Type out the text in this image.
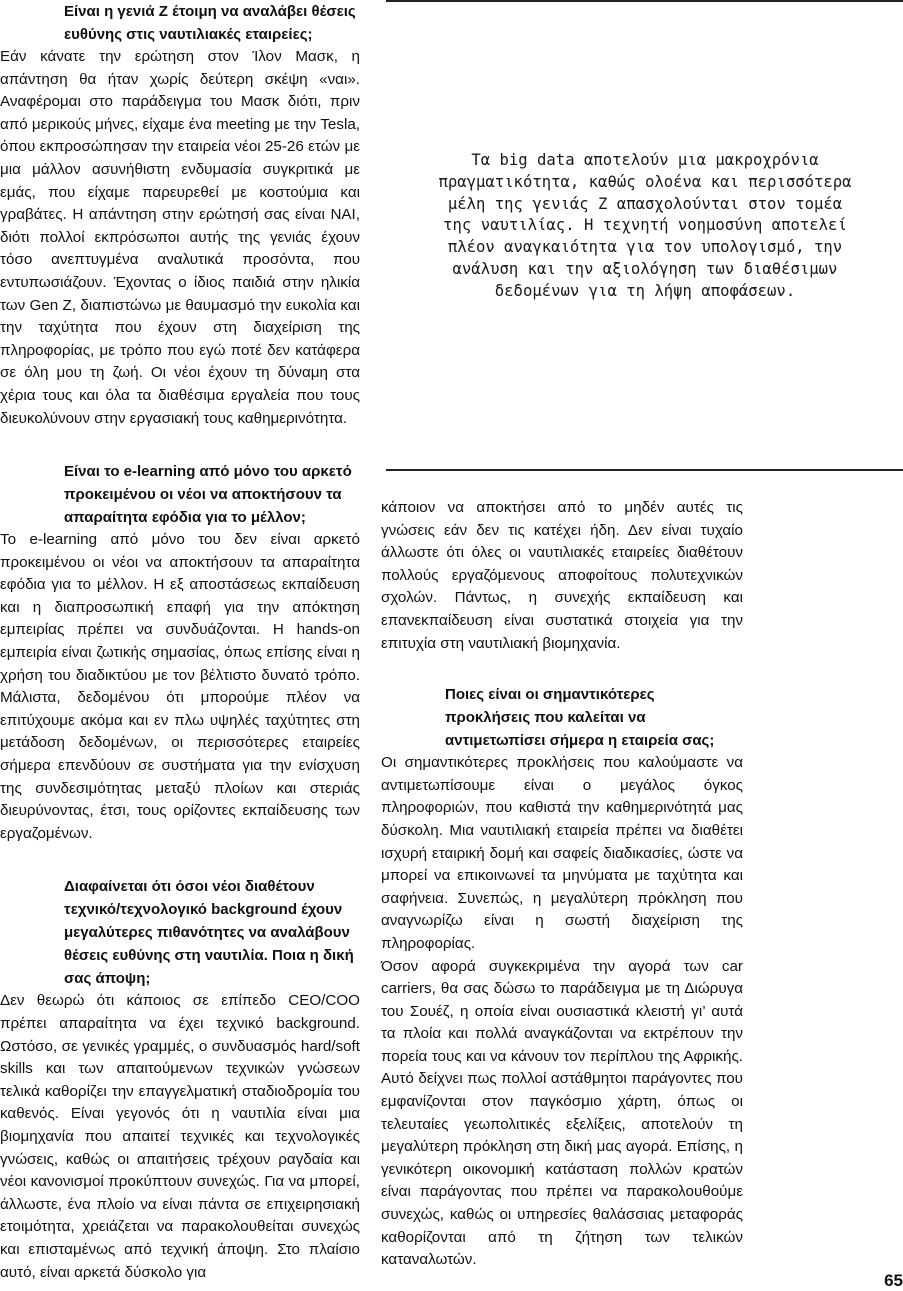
Είναι η γενιά Ζ έτοιμη να αναλάβει θέσεις ευθύνης στις ναυτιλιακές εταιρείες;

Εάν κάνατε την ερώτηση στον Ίλον Μασκ, η απάντηση θα ήταν χωρίς δεύτερη σκέψη «ναι». Αναφέρομαι στο παράδειγμα του Μασκ διότι, πριν από μερικούς μήνες, είχαμε ένα meeting με την Tesla, όπου εκπροσώπησαν την εταιρεία νέοι 25-26 ετών με μια μάλλον ασυνήθιστη ενδυμασία συγκριτικά με εμάς, που είχαμε παρευρεθεί με κοστούμια και γραβάτες. Η απάντηση στην ερώτησή σας είναι ΝΑΙ, διότι πολλοί εκπρόσωποι αυτής της γενιάς έχουν τόσο ανεπτυγμένα αναλυτικά προσόντα, που εντυπωσιάζουν. Έχοντας ο ίδιος παιδιά στην ηλικία των Gen Z, διαπιστώνω με θαυμασμό την ευκολία και την ταχύτητα που έχουν στη διαχείριση της πληροφορίας, με τρόπο που εγώ ποτέ δεν κατάφερα σε όλη μου τη ζωή. Οι νέοι έχουν τη δύναμη στα χέρια τους και όλα τα διαθέσιμα εργαλεία που τους διευκολύνουν στην εργασιακή τους καθημερινότητα.

Είναι το e-learning από μόνο του αρκετό προκειμένου οι νέοι να αποκτήσουν τα απαραίτητα εφόδια για το μέλλον;

Το e-learning από μόνο του δεν είναι αρκετό προκειμένου οι νέοι να αποκτήσουν τα απαραίτητα εφόδια για το μέλλον. Η εξ αποστάσεως εκπαίδευση και η διαπροσωπική επαφή για την απόκτηση εμπειρίας πρέπει να συνδυάζονται. Η hands-on εμπειρία είναι ζωτικής σημασίας, όπως επίσης είναι η χρήση του διαδικτύου με τον βέλτιστο δυνατό τρόπο. Μάλιστα, δεδομένου ότι μπορούμε πλέον να επιτύχουμε ακόμα και εν πλω υψηλές ταχύτητες στη μετάδοση δεδομένων, οι περισσότερες εταιρείες σήμερα επενδύουν σε συστήματα για την ενίσχυση της συνδεσιμότητας μεταξύ πλοίων και στεριάς διευρύνοντας, έτσι, τους ορίζοντες εκπαίδευσης των εργαζομένων.

Διαφαίνεται ότι όσοι νέοι διαθέτουν τεχνικό/τεχνολογικό background έχουν μεγαλύτερες πιθανότητες να αναλάβουν θέσεις ευθύνης στη ναυτιλία. Ποια η δική σας άποψη;

Δεν θεωρώ ότι κάποιος σε επίπεδο CEO/COO πρέπει απαραίτητα να έχει τεχνικό background. Ωστόσο, σε γενικές γραμμές, ο συνδυασμός hard/soft skills και των απαιτούμενων τεχνικών γνώσεων τελικά καθορίζει την επαγγελματική σταδιοδρομία του καθενός. Είναι γεγονός ότι η ναυτιλία είναι μια βιομηχανία που απαιτεί τεχνικές και τεχνολογικές γνώσεις, καθώς οι απαιτήσεις τρέχουν ραγδαία και νέοι κανονισμοί προκύπτουν συνεχώς. Για να μπορεί, άλλωστε, ένα πλοίο να είναι πάντα σε επιχειρησιακή ετοιμότητα, χρειάζεται να παρακολουθείται συνεχώς και επισταμένως από τεχνική άποψη. Στο πλαίσιο αυτό, είναι αρκετά δύσκολο για

Τα big data αποτελούν μια μακροχρόνια πραγματικότητα, καθώς ολοένα και περισσότερα μέλη της γενιάς Ζ απασχολούνται στον τομέα της ναυτιλίας. Η τεχνητή νοημοσύνη αποτελεί πλέον αναγκαιότητα για τον υπολογισμό, την ανάλυση και την αξιολόγηση των διαθέσιμων δεδομένων για τη λήψη αποφάσεων.

κάποιον να αποκτήσει από το μηδέν αυτές τις γνώσεις εάν δεν τις κατέχει ήδη. Δεν είναι τυχαίο άλλωστε ότι όλες οι ναυτιλιακές εταιρείες διαθέτουν πολλούς εργαζόμενους αποφοίτους πολυτεχνικών σχολών. Πάντως, η συνεχής εκπαίδευση και επανεκπαίδευση είναι συστατικά στοιχεία για την επιτυχία στη ναυτιλιακή βιομηχανία.

Ποιες είναι οι σημαντικότερες προκλήσεις που καλείται να αντιμετωπίσει σήμερα η εταιρεία σας;

Οι σημαντικότερες προκλήσεις που καλούμαστε να αντιμετωπίσουμε είναι ο μεγάλος όγκος πληροφοριών, που καθιστά την καθημερινότητά μας δύσκολη. Μια ναυτιλιακή εταιρεία πρέπει να διαθέτει ισχυρή εταιρική δομή και σαφείς διαδικασίες, ώστε να μπορεί να επικοινωνεί τα μηνύματα με ταχύτητα και σαφήνεια. Συνεπώς, η μεγαλύτερη πρόκληση που αναγνωρίζω είναι η σωστή διαχείριση της πληροφορίας.

Όσον αφορά συγκεκριμένα την αγορά των car carriers, θα σας δώσω το παράδειγμα με τη Διώρυγα του Σουέζ, η οποία είναι ουσιαστικά κλειστή γι’ αυτά τα πλοία και πολλά αναγκάζονται να εκτρέπουν την πορεία τους και να κάνουν τον περίπλου της Αφρικής. Αυτό δείχνει πως πολλοί αστάθμητοι παράγοντες που εμφανίζονται στον παγκόσμιο χάρτη, όπως οι τελευταίες γεωπολιτικές εξελίξεις, αποτελούν τη μεγαλύτερη πρόκληση στη δική μας αγορά. Επίσης, η γενικότερη οικονομική κατάσταση πολλών κρατών είναι παράγοντας που πρέπει να παρακολουθούμε συνεχώς, καθώς οι υπηρεσίες θαλάσσιας μεταφοράς καθορίζονται από τη ζήτηση των τελικών καταναλωτών.

65
